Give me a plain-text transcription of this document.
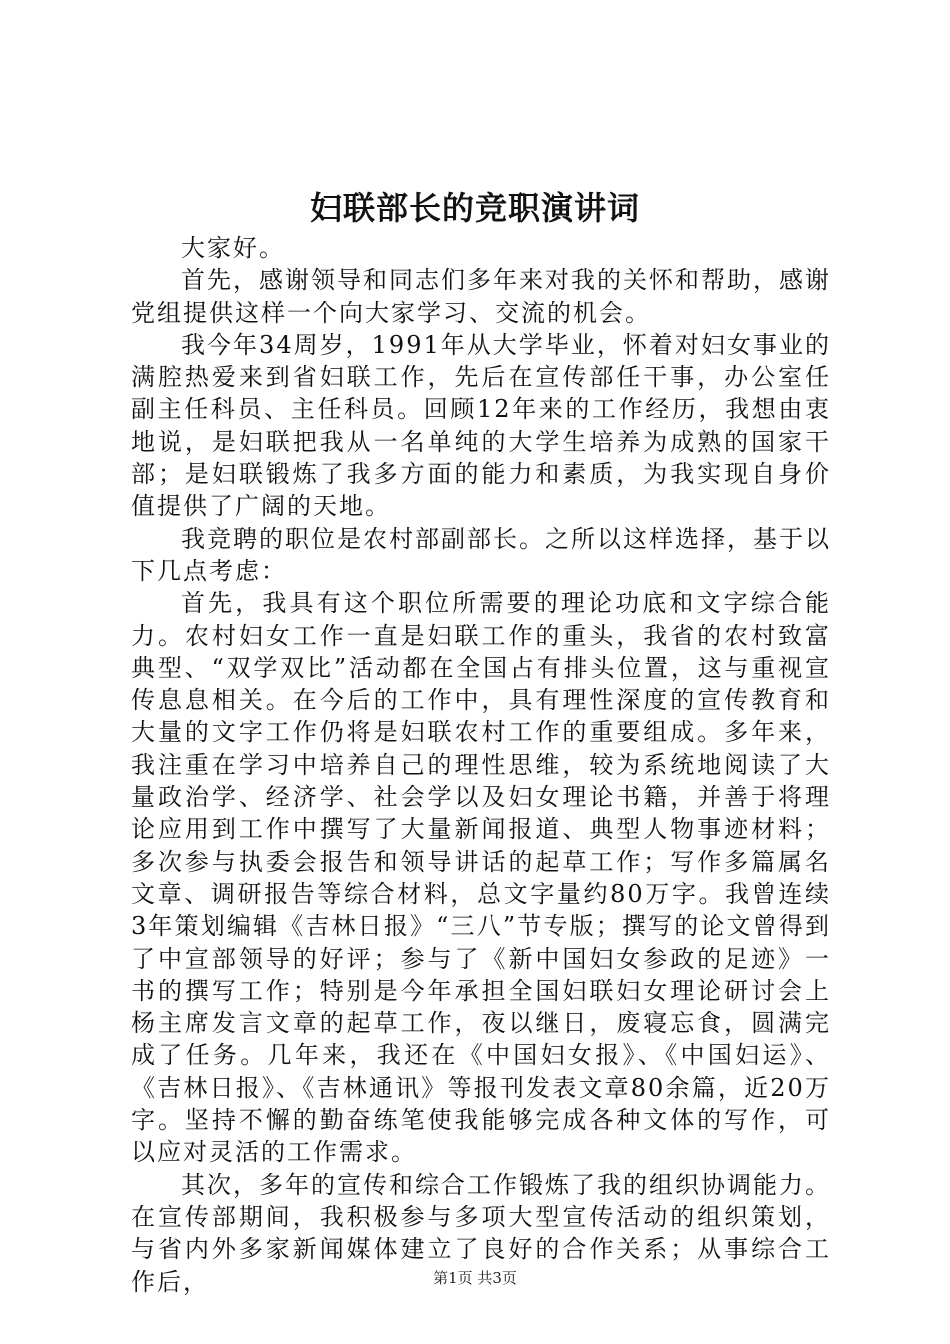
妇联部长的竞职演讲词

大家好。

首先，感谢领导和同志们多年来对我的关怀和帮助，感谢党组提供这样一个向大家学习、交流的机会。

我今年34周岁，1991年从大学毕业，怀着对妇女事业的满腔热爱来到省妇联工作，先后在宣传部任干事，办公室任副主任科员、主任科员。回顾12年来的工作经历，我想由衷地说，是妇联把我从一名单纯的大学生培养为成熟的国家干部；是妇联锻炼了我多方面的能力和素质，为我实现自身价值提供了广阔的天地。

我竞聘的职位是农村部副部长。之所以这样选择，基于以下几点考虑：

首先，我具有这个职位所需要的理论功底和文字综合能力。农村妇女工作一直是妇联工作的重头，我省的农村致富典型、“双学双比”活动都在全国占有排头位置，这与重视宣传息息相关。在今后的工作中，具有理性深度的宣传教育和大量的文字工作仍将是妇联农村工作的重要组成。多年来，我注重在学习中培养自己的理性思维，较为系统地阅读了大量政治学、经济学、社会学以及妇女理论书籍，并善于将理论应用到工作中撰写了大量新闻报道、典型人物事迹材料；多次参与执委会报告和领导讲话的起草工作；写作多篇属名文章、调研报告等综合材料，总文字量约80万字。我曾连续3年策划编辑《吉林日报》“三八”节专版；撰写的论文曾得到了中宣部领导的好评；参与了《新中国妇女参政的足迹》一书的撰写工作；特别是今年承担全国妇联妇女理论研讨会上杨主席发言文章的起草工作，夜以继日，废寝忘食，圆满完成了任务。几年来，我还在《中国妇女报》、《中国妇运》、《吉林日报》、《吉林通讯》等报刊发表文章80余篇，近20万字。坚持不懈的勤奋练笔使我能够完成各种文体的写作，可以应对灵活的工作需求。

其次，多年的宣传和综合工作锻炼了我的组织协调能力。在宣传部期间，我积极参与多项大型宣传活动的组织策划，与省内外多家新闻媒体建立了良好的合作关系；从事综合工作后，	第1页 共3页
